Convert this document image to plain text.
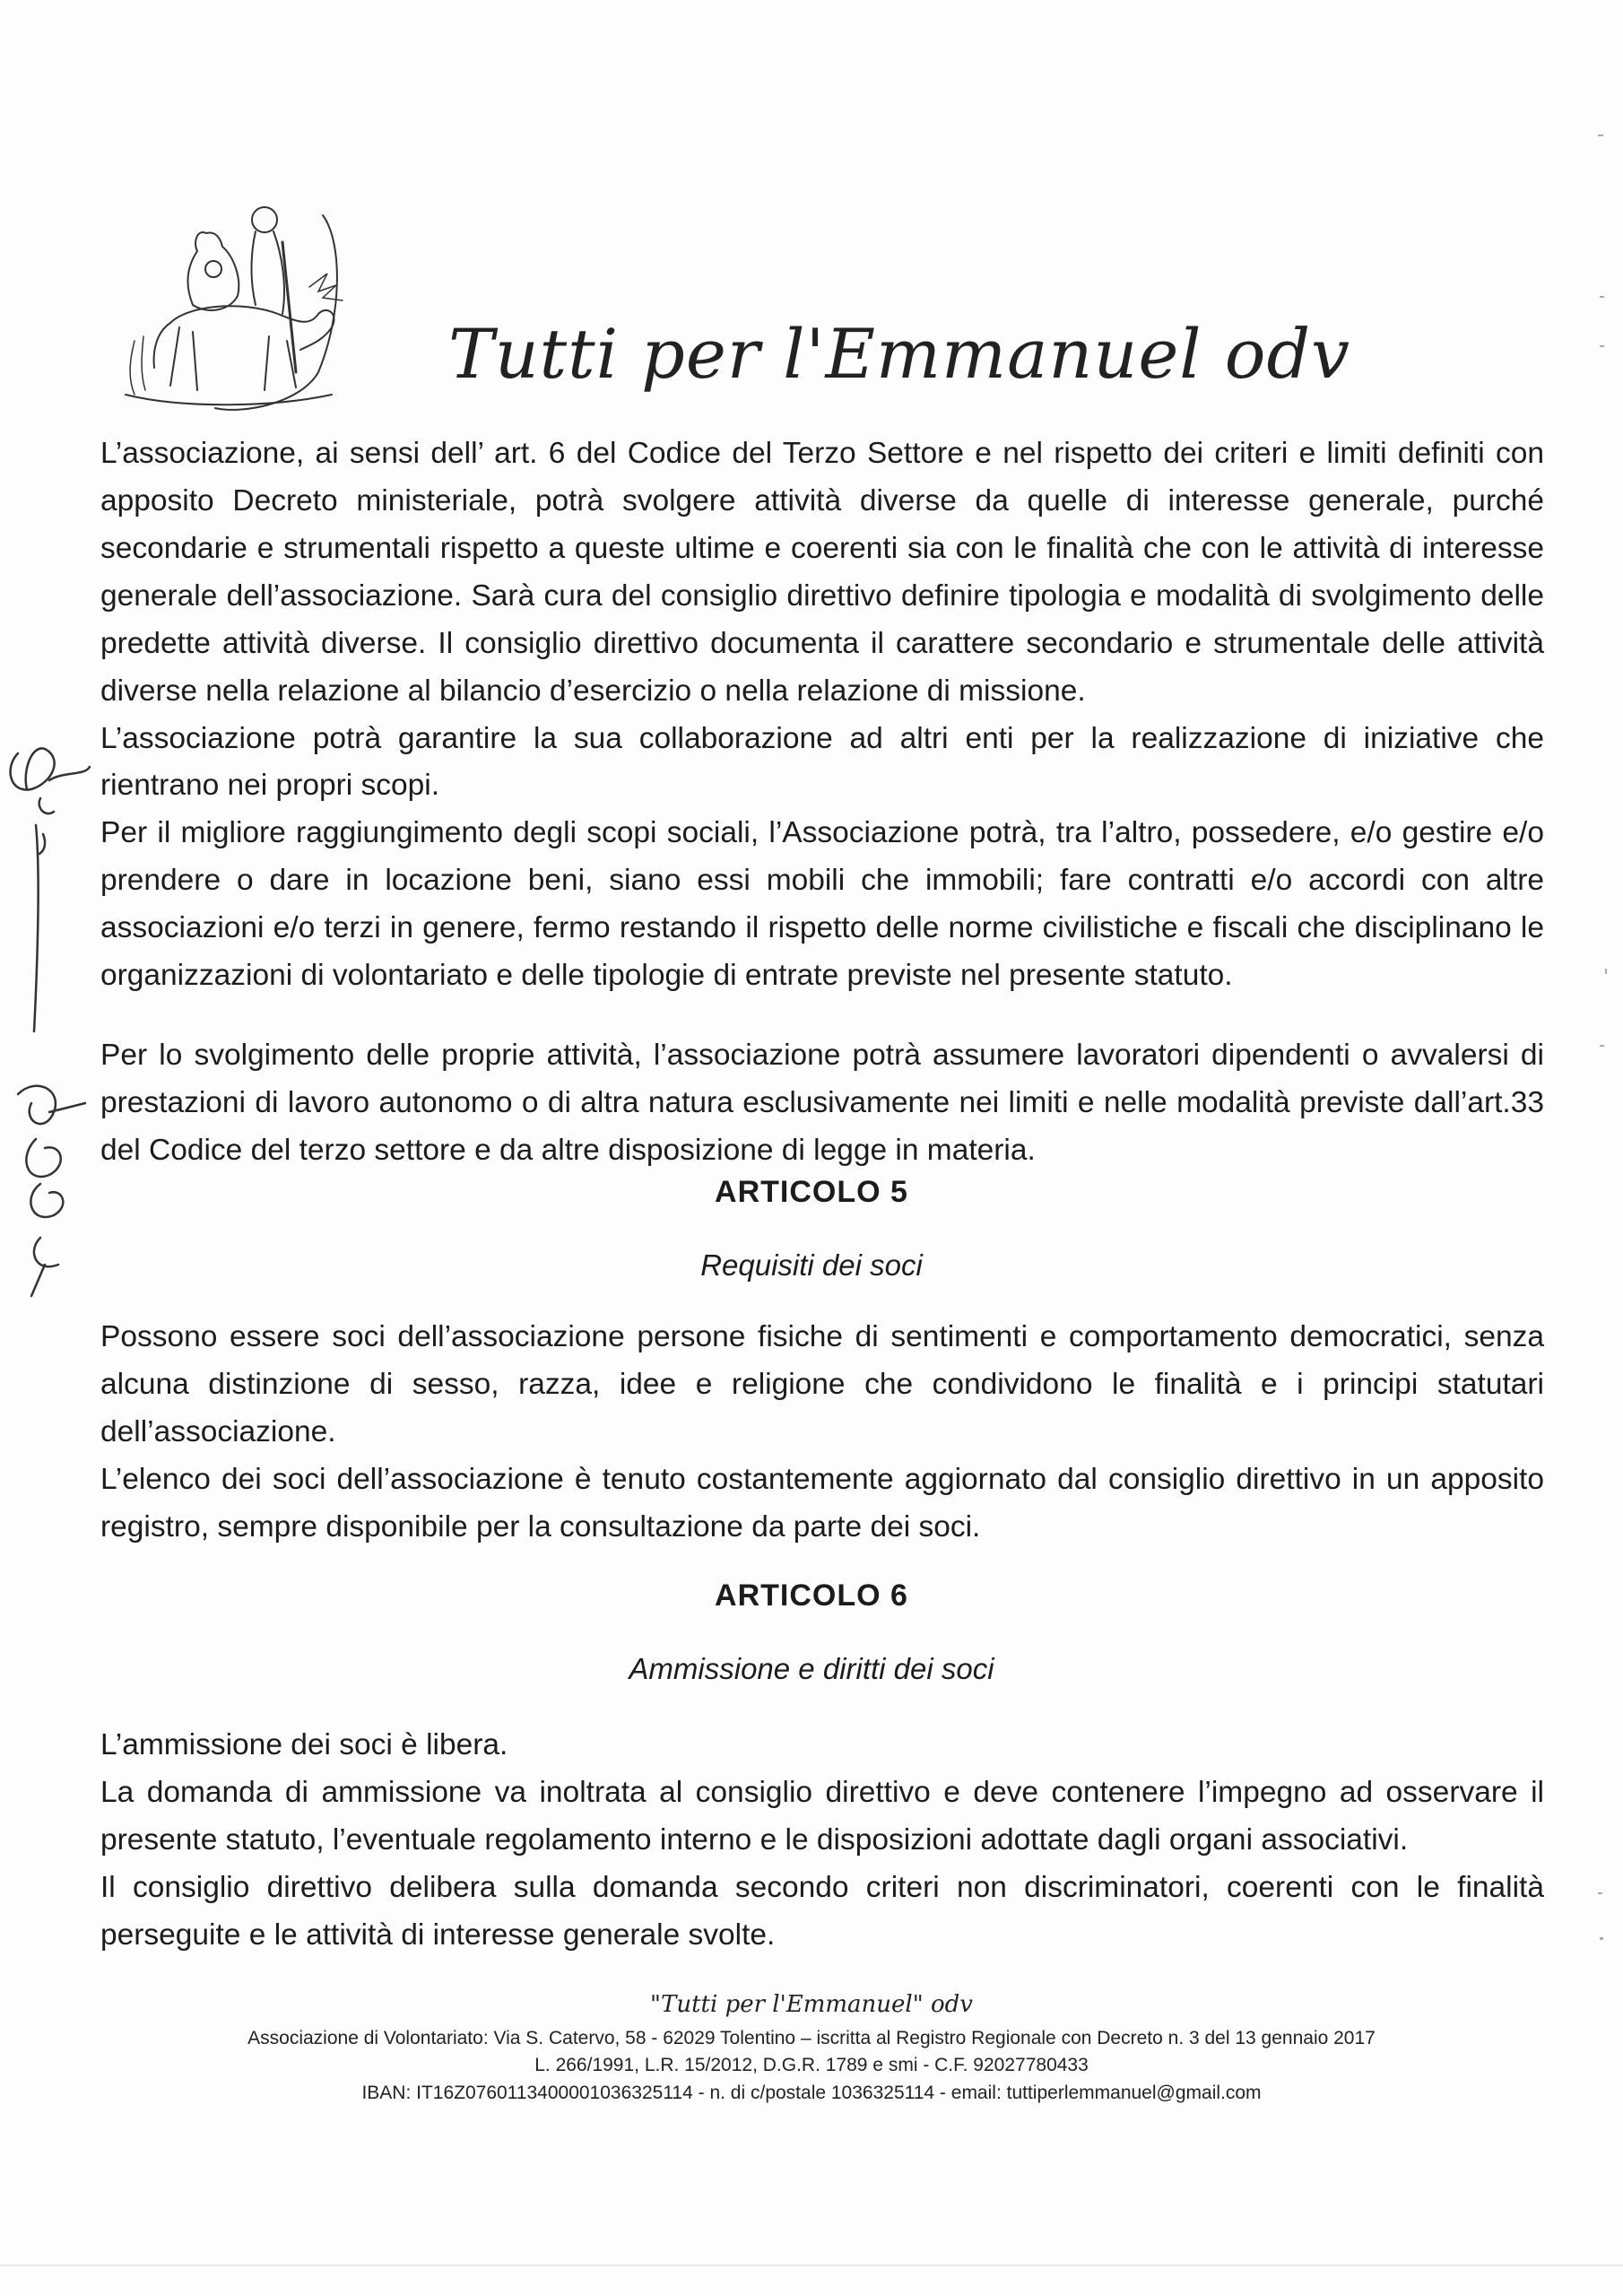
Tutti per l'Emmanuel odv

L’associazione, ai sensi dell’ art. 6 del Codice del Terzo Settore e nel rispetto dei criteri e limiti definiti con apposito Decreto ministeriale, potrà svolgere attività diverse da quelle di interesse generale, purché secondarie e strumentali rispetto a queste ultime e coerenti sia con le finalità che con le attività di interesse generale dell’associazione. Sarà cura del consiglio direttivo definire tipologia e modalità di svolgimento delle predette attività diverse. Il consiglio direttivo documenta il carattere secondario e strumentale delle attività diverse nella relazione al bilancio d’esercizio o nella relazione di missione.

L’associazione potrà garantire la sua collaborazione ad altri enti per la realizzazione di iniziative che rientrano nei propri scopi.

Per il migliore raggiungimento degli scopi sociali, l’Associazione potrà, tra l’altro, possedere, e/o gestire e/o prendere o dare in locazione beni, siano essi mobili che immobili; fare contratti e/o accordi con altre associazioni e/o terzi in genere, fermo restando il rispetto delle norme civilistiche e fiscali che disciplinano le organizzazioni di volontariato e delle tipologie di entrate previste nel presente statuto.

Per lo svolgimento delle proprie attività, l’associazione potrà assumere lavoratori dipendenti o avvalersi di prestazioni di lavoro autonomo o di altra natura esclusivamente nei limiti e nelle modalità previste dall’art.33 del Codice del terzo settore e da altre disposizione di legge in materia.

ARTICOLO 5
Requisiti dei soci

Possono essere soci dell’associazione persone fisiche di sentimenti e comportamento democratici, senza alcuna distinzione di sesso, razza, idee e religione che condividono le finalità e i principi statutari dell’associazione.

L’elenco dei soci dell’associazione è tenuto costantemente aggiornato dal consiglio direttivo in un apposito registro, sempre disponibile per la consultazione da parte dei soci.

ARTICOLO 6
Ammissione e diritti dei soci

L’ammissione dei soci è libera.

La domanda di ammissione va inoltrata al consiglio direttivo e deve contenere l’impegno ad osservare il presente statuto, l’eventuale regolamento interno e le disposizioni adottate dagli organi associativi.

Il consiglio direttivo delibera sulla domanda secondo criteri non discriminatori, coerenti con le finalità perseguite e le attività di interesse generale svolte.

"Tutti per l'Emmanuel" odv
Associazione di Volontariato: Via S. Catervo, 58 - 62029 Tolentino – iscritta al Registro Regionale con Decreto n. 3 del 13 gennaio 2017
L. 266/1991, L.R. 15/2012, D.G.R. 1789 e smi - C.F. 92027780433
IBAN: IT16Z0760113400001036325114 - n. di c/postale 1036325114 - email: tuttiperlemmanuel@gmail.com
